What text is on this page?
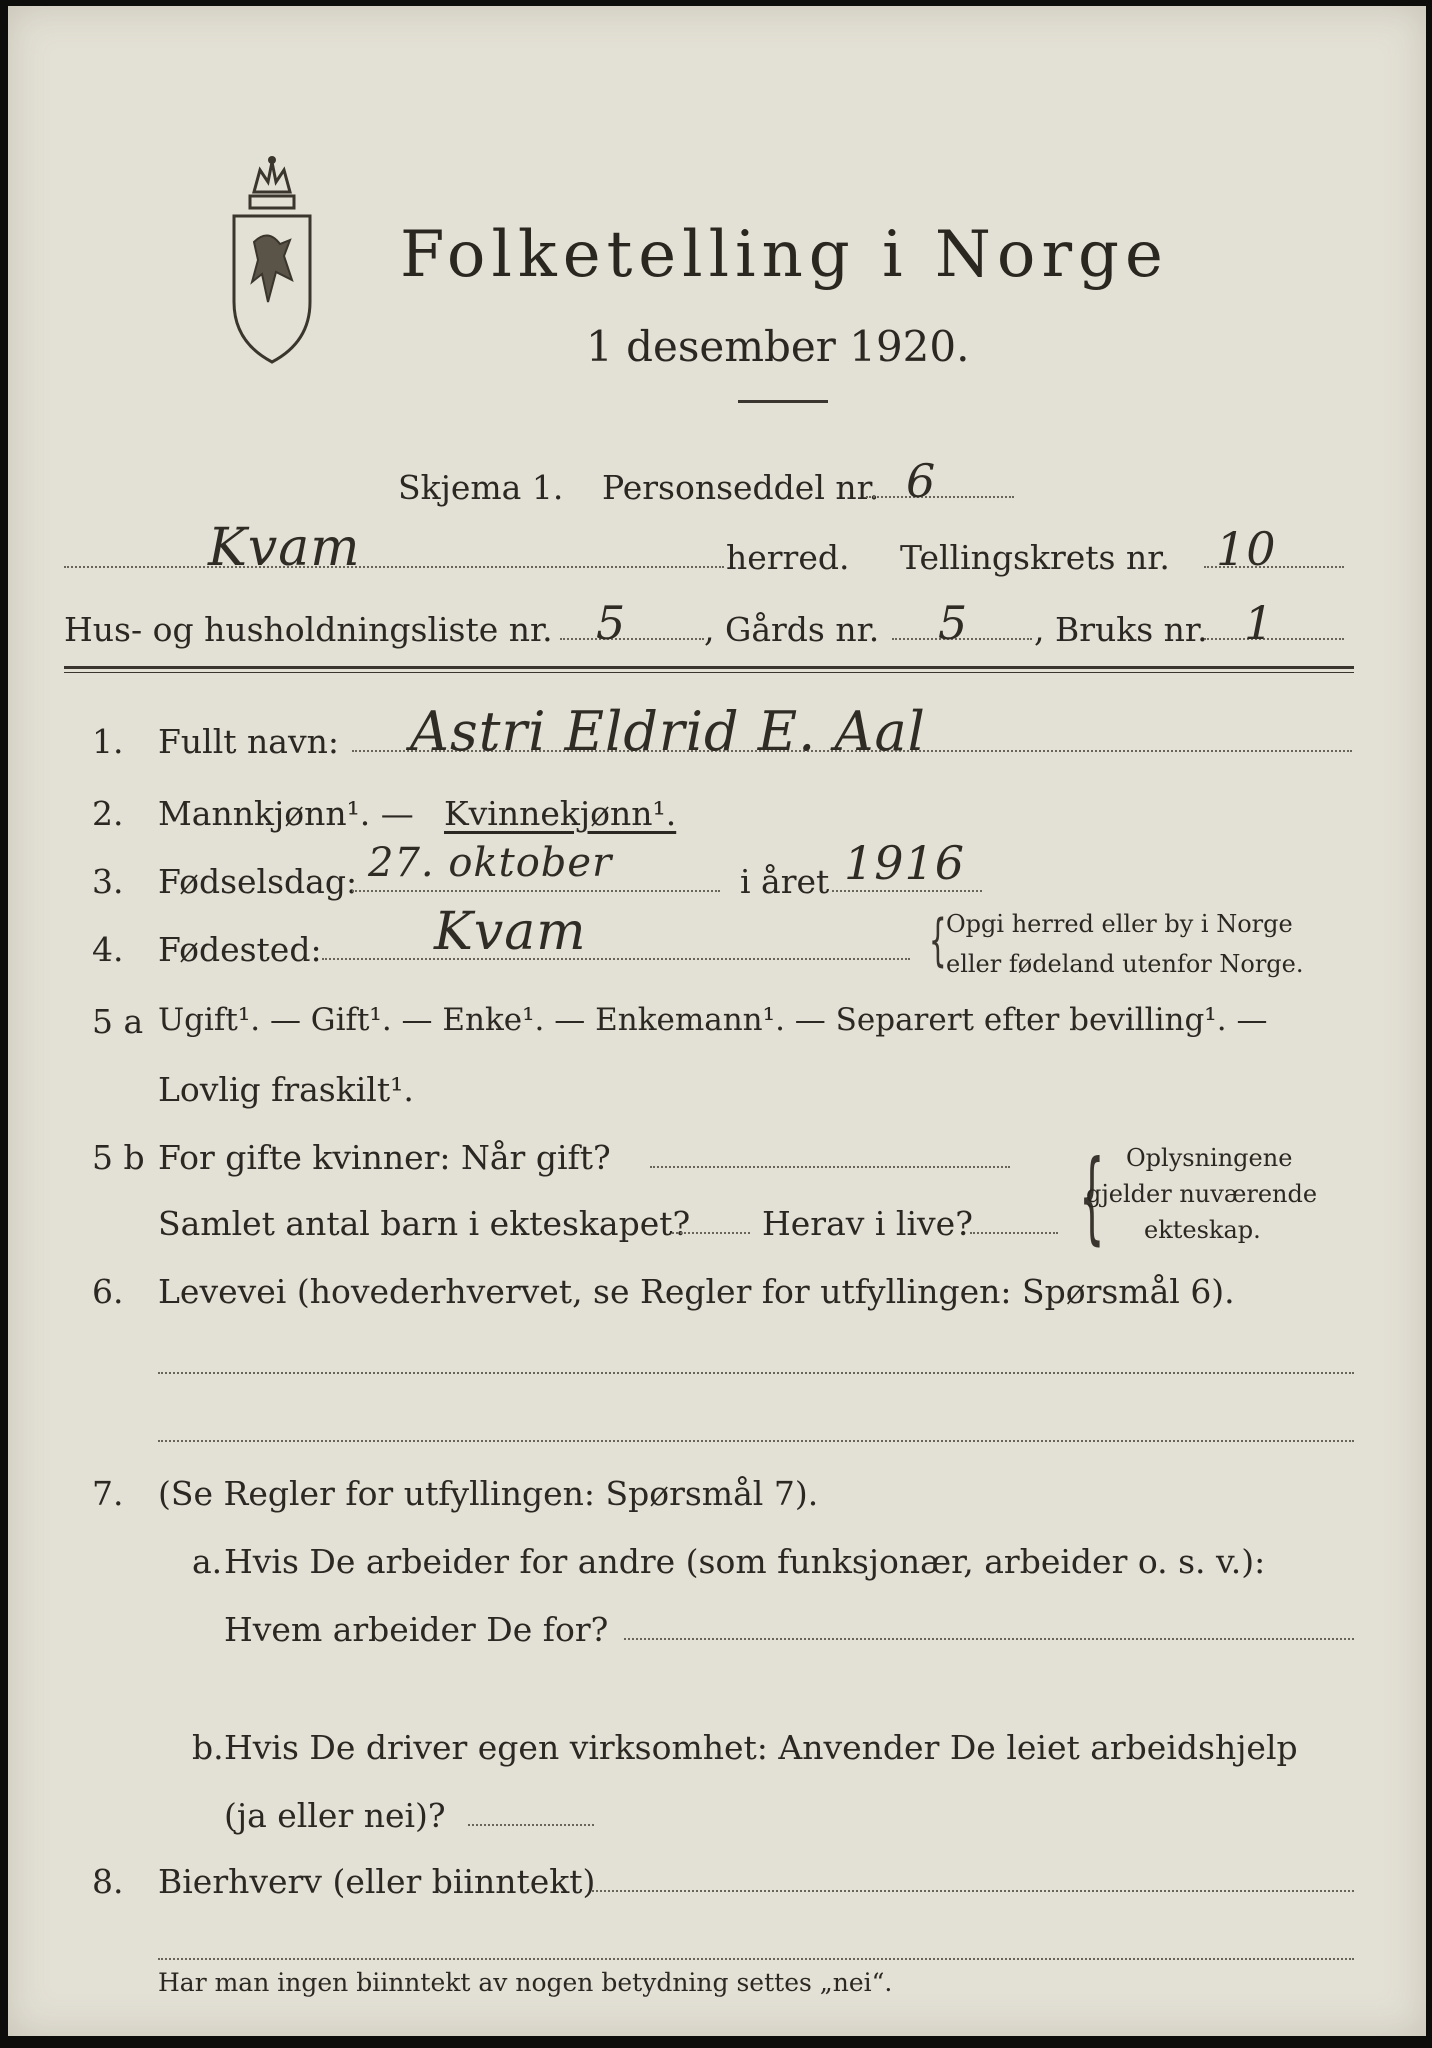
Folketelling i Norge
1 desember 1920.
Skjema 1. Personseddel nr. 6
Kvam	herred. Tellingskrets nr. 10
Hus- og husholdningsliste nr. 5 , Gårds nr. 5 , Bruks nr. 1
1.	Fullt navn: Astri Eldrid E. Aal
2.	Mannkjønn¹. — Kvinnekjønn¹.
3.	Fødselsdag: 27. oktober	i året 1916
4.	Fødested: Kvam	{ Opgi herred eller by i Norge
eller fødeland utenfor Norge.
5 a Ugift¹. — Gift¹. — Enke¹. — Enkemann¹. — Separert efter bevilling¹. —
Lovlig fraskilt¹.
5 b For gifte kvinner: Når gift?
Samlet antal barn i ekteskapet? Herav i live? { Oplysningene
gjelder nuværende
ekteskap.
6.	Levevei (hovederhvervet, se Regler for utfyllingen: Spørsmål 6).
7.	(Se Regler for utfyllingen: Spørsmål 7).
a. Hvis De arbeider for andre (som funksjonær, arbeider o. s. v.):
Hvem arbeider De for?
b. Hvis De driver egen virksomhet: Anvender De leiet arbeidshjelp
(ja eller nei)?
8.	Bierhverv (eller biinntekt)
Har man ingen biinntekt av nogen betydning settes „nei“.
